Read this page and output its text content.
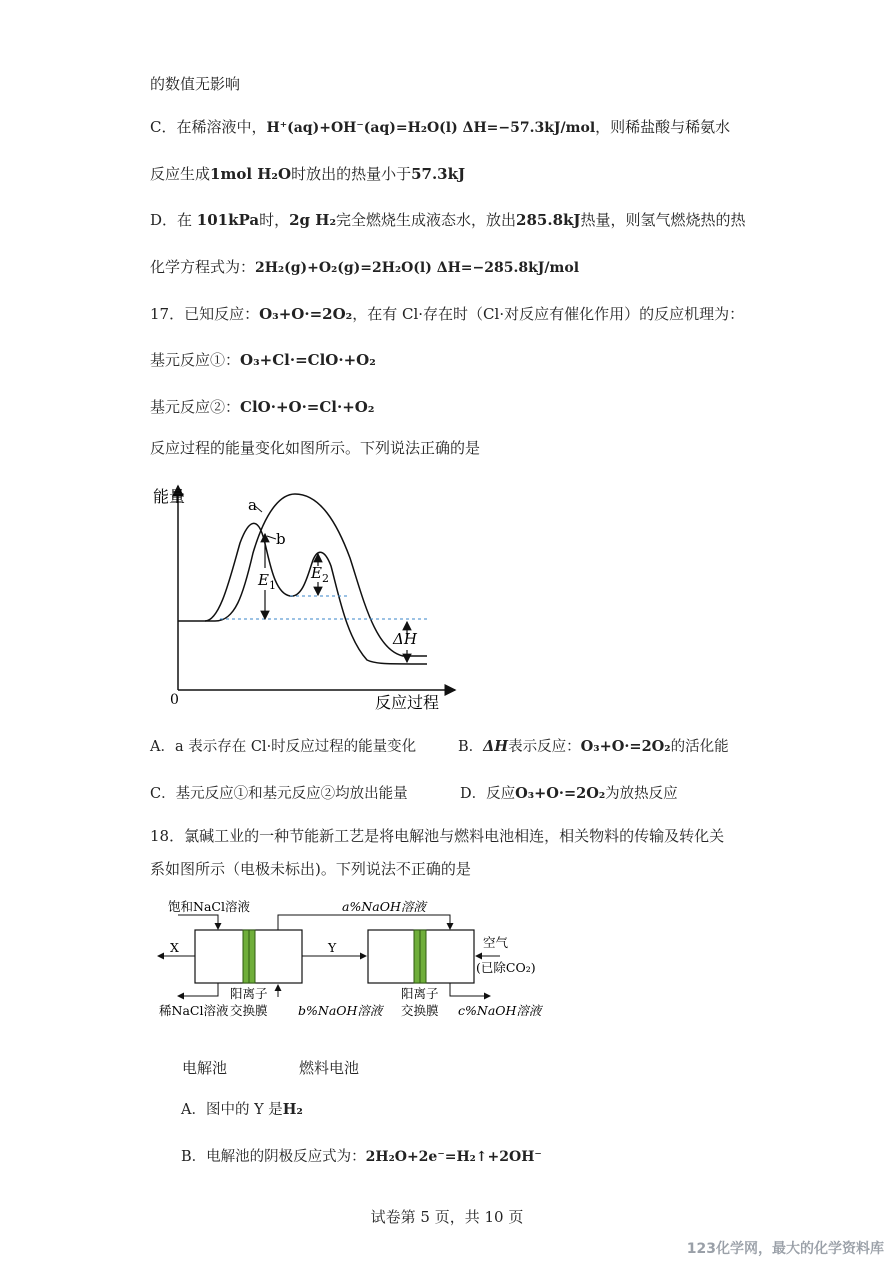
的数值无影响
C．在稀溶液中，H⁺(aq)+OH⁻(aq)=H₂O(l) ΔH=−57.3kJ/mol，则稀盐酸与稀氨水
反应生成1mol H₂O时放出的热量小于57.3kJ
D．在 101kPa时，2g H₂完全燃烧生成液态水，放出285.8kJ热量，则氢气燃烧热的热
化学方程式为：2H₂(g)+O₂(g)=2H₂O(l) ΔH=−285.8kJ/mol
17．已知反应：O₃+O·=2O₂，在有 Cl·存在时（Cl·对反应有催化作用）的反应机理为：
基元反应①：O₃+Cl·=ClO·+O₂
基元反应②：ClO·+O·=Cl·+O₂
反应过程的能量变化如图所示。下列说法正确的是
能量
反应过程
0
$E_1$
$E_2$
a
b
ΔH
A．a 表示存在 Cl·时反应过程的能量变化	B．ΔH表示反应：O₃+O·=2O₂的活化能
C．基元反应①和基元反应②均放出能量	D．反应O₃+O·=2O₂为放热反应
18．氯碱工业的一种节能新工艺是将电解池与燃料电池相连，相关物料的传输及转化关
系如图所示（电极未标出)。下列说法不正确的是
饱和NaCl溶液	a%NaOH溶液
X	Y	空气
(已除CO₂)
稀NaCl溶液
阳离子
交换膜 b%NaOH溶液
阳离子
交换膜 c%NaOH溶液
电解池	燃料电池
A．图中的 Y 是H₂
B．电解池的阴极反应式为：2H₂O+2e⁻=H₂↑+2OH⁻
试卷第 5 页，共 10 页
123化学网，最大的化学资料库
